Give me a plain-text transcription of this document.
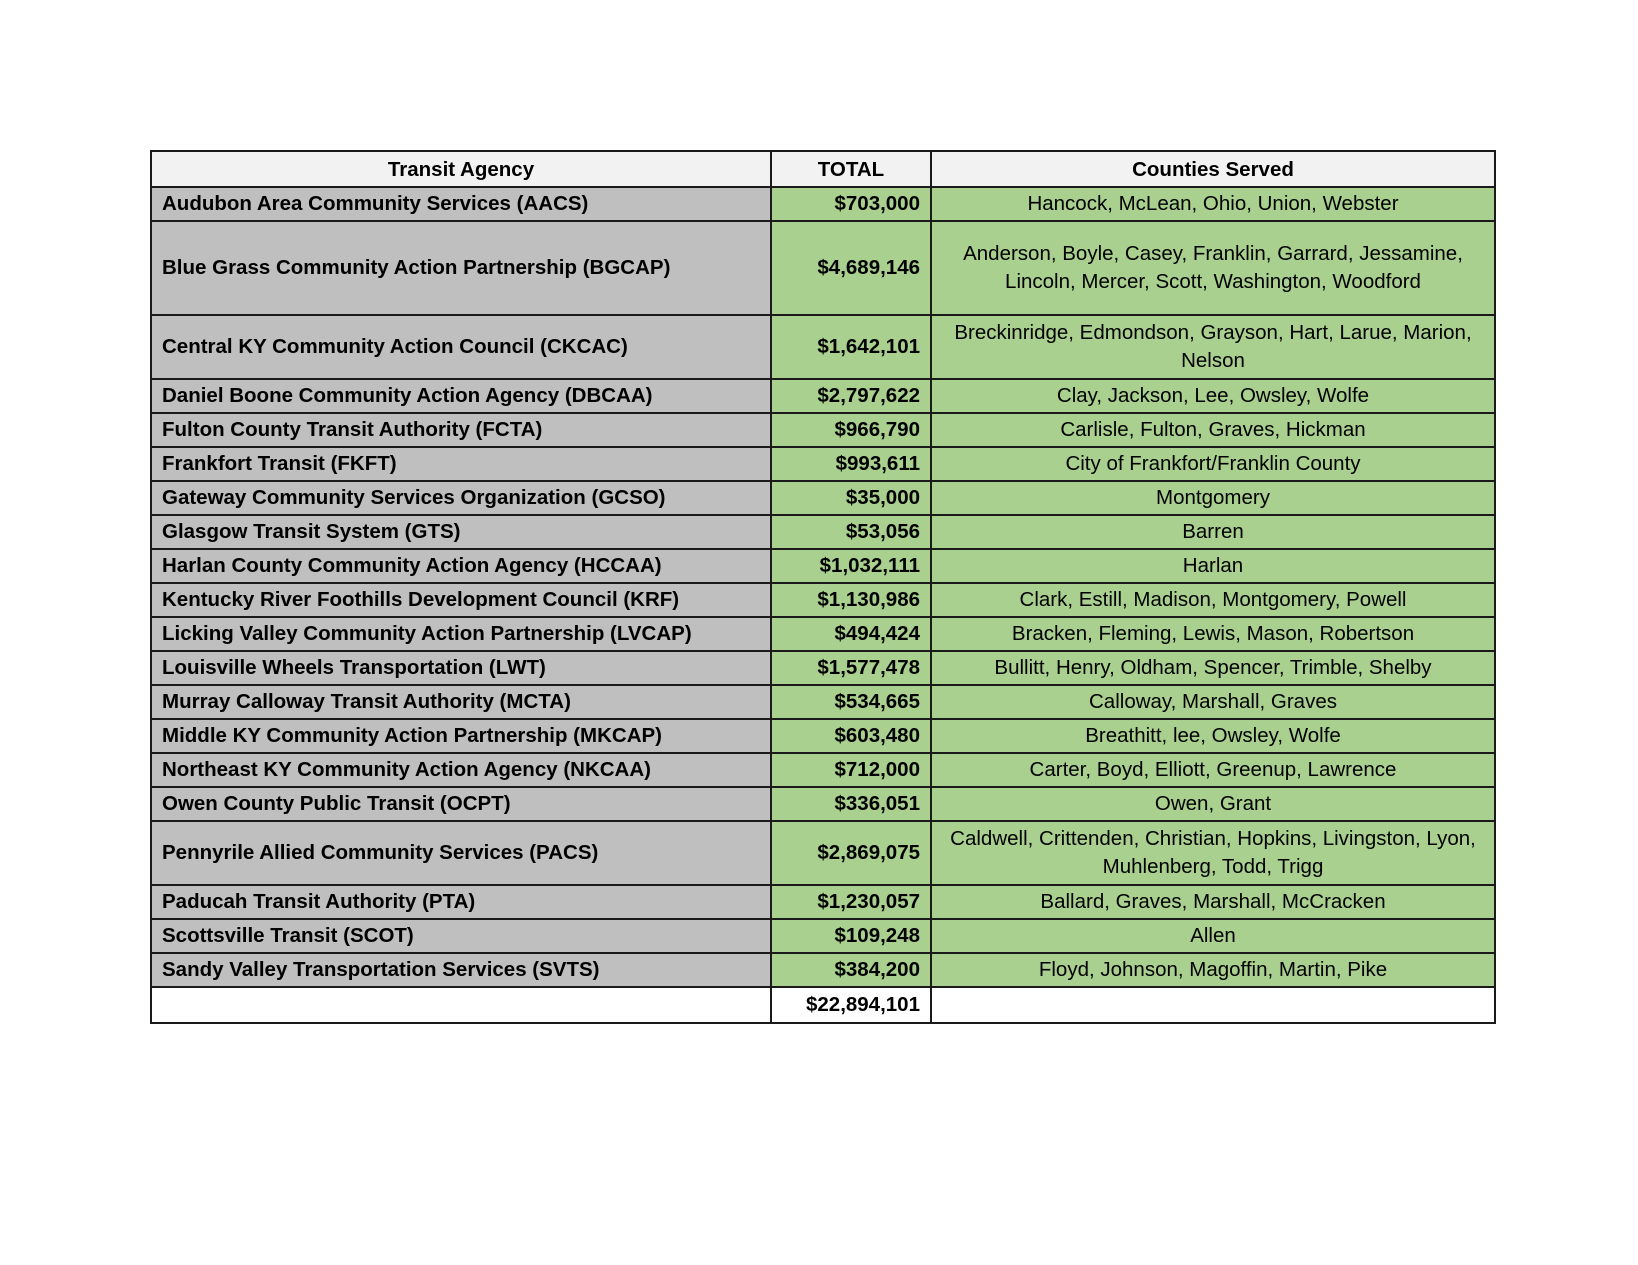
Transit Agency	TOTAL	Counties Served
Audubon Area Community Services (AACS)	$703,000	Hancock, McLean, Ohio, Union, Webster
Blue Grass Community Action Partnership (BGCAP)	$4,689,146	Anderson, Boyle, Casey, Franklin, Garrard, Jessamine, Lincoln, Mercer, Scott, Washington, Woodford
Central KY Community Action Council (CKCAC)	$1,642,101	Breckinridge, Edmondson, Grayson, Hart, Larue, Marion, Nelson
Daniel Boone Community Action Agency (DBCAA)	$2,797,622	Clay, Jackson, Lee, Owsley, Wolfe
Fulton County Transit Authority (FCTA)	$966,790	Carlisle, Fulton, Graves, Hickman
Frankfort Transit (FKFT)	$993,611	City of Frankfort/Franklin County
Gateway Community Services Organization (GCSO)	$35,000	Montgomery
Glasgow Transit System (GTS)	$53,056	Barren
Harlan County Community Action Agency (HCCAA)	$1,032,111	Harlan
Kentucky River Foothills Development Council (KRF)	$1,130,986	Clark, Estill, Madison, Montgomery, Powell
Licking Valley Community Action Partnership (LVCAP)	$494,424	Bracken, Fleming, Lewis, Mason, Robertson
Louisville Wheels Transportation (LWT)	$1,577,478	Bullitt, Henry, Oldham, Spencer, Trimble, Shelby
Murray Calloway Transit Authority (MCTA)	$534,665	Calloway, Marshall, Graves
Middle KY Community Action Partnership (MKCAP)	$603,480	Breathitt, lee, Owsley, Wolfe
Northeast KY Community Action Agency (NKCAA)	$712,000	Carter, Boyd, Elliott, Greenup, Lawrence
Owen County Public Transit (OCPT)	$336,051	Owen, Grant
Pennyrile Allied Community Services (PACS)	$2,869,075	Caldwell, Crittenden, Christian, Hopkins, Livingston, Lyon, Muhlenberg, Todd, Trigg
Paducah Transit Authority (PTA)	$1,230,057	Ballard, Graves, Marshall, McCracken
Scottsville Transit (SCOT)	$109,248	Allen
Sandy Valley Transportation Services (SVTS)	$384,200	Floyd, Johnson, Magoffin, Martin, Pike
	$22,894,101	
